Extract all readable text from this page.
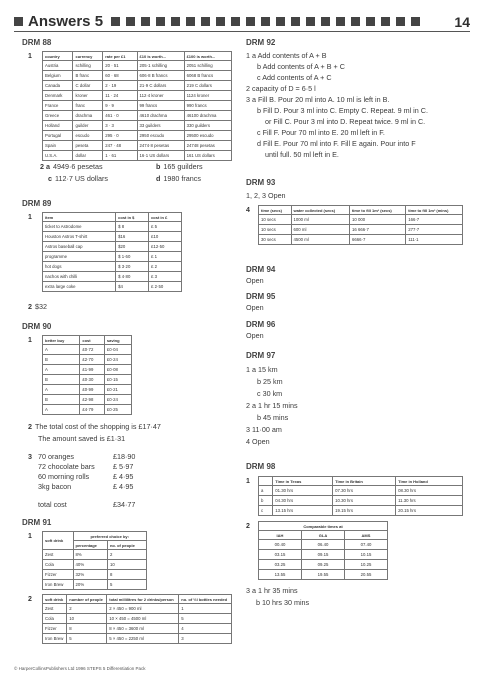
Answers 5	14
DRM 88
1	country	currency	rate per £1	£10 is worth...	£100 is worth...
Austria	schilling	20 · 51	205·1 schilling	2051 schilling
Belgium	B franc	60 · 68	606·8 B francs	6068 B francs
Canada	C dollar	2 · 19	21·9 C dollars	219 C dollars
Denmark	kroner	11 · 24	112·4 kroner	1124 kroner
France	franc	9 · 9	99 francs	990 francs
Greece	drachma	461 · 0	4610 drachma	46100 drachma
Holland	guilder	3 · 3	33 guilders	330 guilders
Portugal	escudo	295 · 0	2950 escudo	29500 escudo
Spain	peseta	247 · 48	2474·8 pesetas	24748 pesetas
U.S.A.	dollar	1 · 61	16·1 US dollars	161 US dollars
2 a 4949·6 pesetas	b 165 guilders
c 112·7 US dollars	d 1980 francs
DRM 89
1	item	cost in $	cost in £
ticket to Astrodome	$ 8	£ 5
Houston Astros T-shirt	$16	£10
Astros baseball cap	$20	£12·50
programme	$ 1·60	£ 1
hot dogs	$ 3·20	£ 2
nachos with chilli	$ 4·80	£ 3
extra large coke	$4	£ 2·50
2 $32
DRM 90
1	better buy	cost	saving
A	£0·72	£0·04
B	£2·70	£0·24
A	£1·99	£0·08
B	£0·30	£0·15
A	£0·99	£0·21
B	£2·98	£0·24
A	£4·79	£0·25
2 The total cost of the shopping is £17·47
The amount saved is £1·31
3 70 oranges	£18·90
72 chocolate bars	£ 5·97
60 morning rolls	£ 4·95
3kg bacon	£ 4·95
total cost	£34·77
DRM 91
1
soft drink	preferred choice by:	
	percentage	no. of people
Zest	8%	2
Cola	40%	10
Fizzer	32%	8
Iron Brew	20%	5
2	soft drink	number of people	total millilitres for 2 drinks/person	no. of ½l bottles needed
Zest	2	2 × 450 = 900 ml	1
Cola	10	10 × 450 = 4500 ml	5
Fizzer	8	8 × 450 = 3600 ml	4
Iron Brew	5	5 × 450 = 2250 ml	3
DRM 92
1 a Add contents of A + B
b Add contents of A + B + C
c Add contents of A + C
2 capacity of D = 6·5 l
3 a Fill B. Pour 20 ml into A. 10 ml is left in B.
b Fill D. Pour 3 ml into C. Empty C. Repeat. 9 ml in C.
or Fill C. Pour 3 ml into D. Repeat twice. 9 ml in C.
c Fill F. Pour 70 ml into E. 20 ml left in F.
d Fill E. Pour 70 ml into F. Fill E again. Pour into F
until full. 50 ml left in E.
DRM 93
1, 2, 3 Open
4	time (secs)	water collected (secs)	time to fill 1m³ (secs)	time to fill 1m³ (mins)
10 secs	1000 ml	10 000	166·7
10 secs	600 ml	16 666·7	277·7
30 secs	4500 ml	6666·7	111·1
DRM 94
Open
DRM 95
Open
DRM 96
Open
DRM 97
1 a 15 km
b 25 km
c 30 km
2 a 1 hr 15 mins
b 45 mins
3 11·00 am
4 Open
DRM 98
1
		Time in Texas	Time in Britain	Time in Holland
a	01.30 hrs	07.30 hrs	08.30 hrs
b	04.30 hrs	10.30 hrs	11.30 hrs
c	13.15 hrs	19.15 hrs	20.15 hrs
2	Comparable times at		
IAH	GLA	AMS
00.40	06.40	07.40
03.15	09.15	10.15
03.25	09.25	10.25
13.55	19.55	20.55
3 a 1 hr 35 mins
b 10 hrs 30 mins
© HarperCollinsPublishers Ltd 1996 STEPS 5 Differentiation Pack
